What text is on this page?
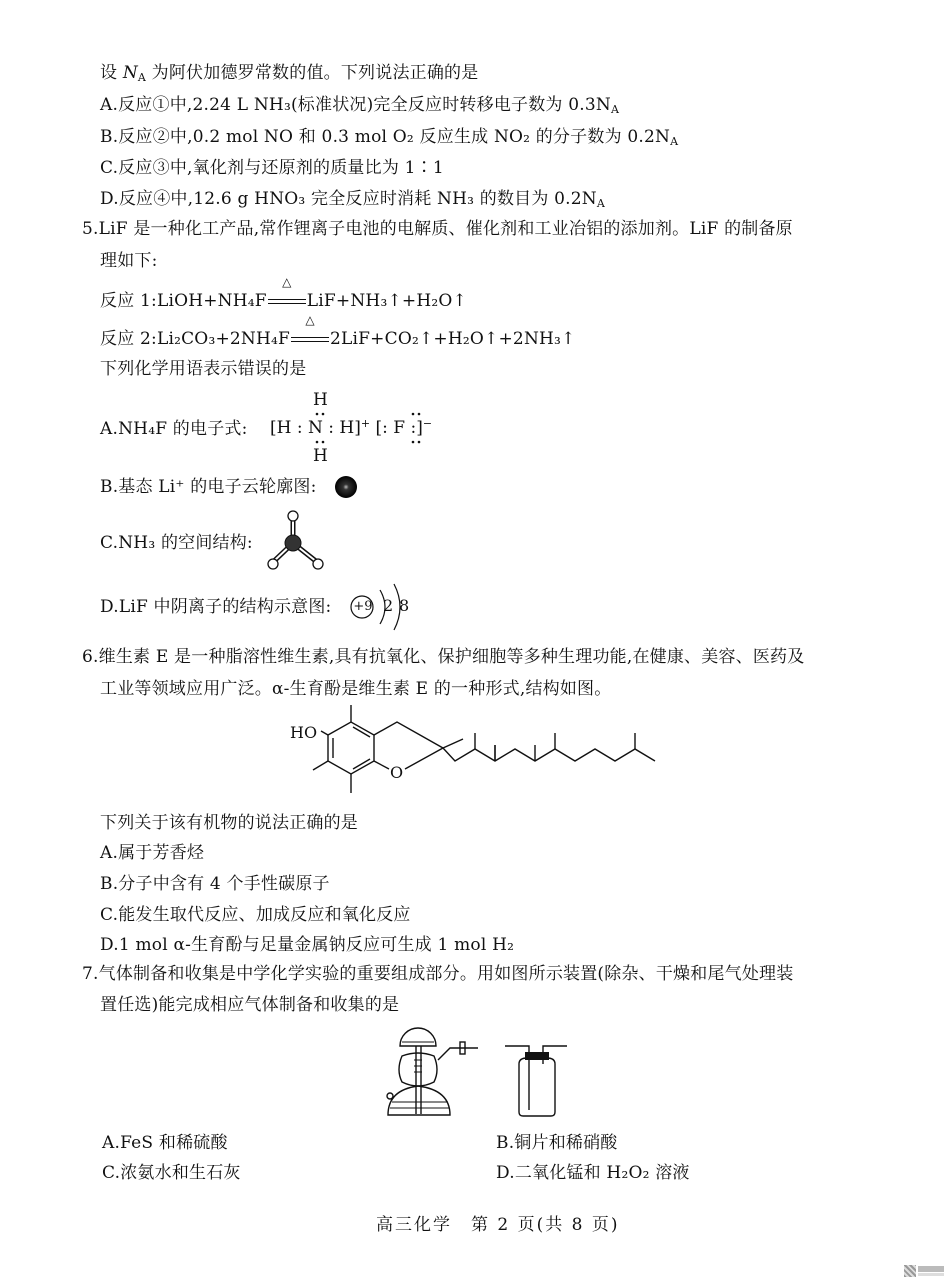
设 $N_A$ 为阿伏加德罗常数的值。下列说法正确的是
A.反应①中,2.24 L NH₃(标准状况)完全反应时转移电子数为 $0.3N_A$
B.反应②中,0.2 mol NO 和 0.3 mol O₂ 反应生成 NO₂ 的分子数为 $0.2N_A$
C.反应③中,氧化剂与还原剂的质量比为 1∶1
D.反应④中,12.6 g HNO₃ 完全反应时消耗 NH₃ 的数目为 $0.2N_A$
5.LiF 是一种化工产品,常作锂离子电池的电解质、催化剂和工业冶铝的添加剂。LiF 的制备原
理如下:
反应 1:LiOH+NH₄F
△
LiF+NH₃↑+H₂O↑
反应 2:Li₂CO₃+2NH₄F
△
2LiF+CO₂↑+H₂O↑+2NH₃↑
下列化学用语表示错误的是
A.NH₄F 的电子式:
H
H
[H : N : H]+ [: F :]−
B.基态 Li⁺ 的电子云轮廓图:
C.NH₃ 的空间结构:
D.LiF 中阴离子的结构示意图: +9 2 8
6.维生素 E 是一种脂溶性维生素,具有抗氧化、保护细胞等多种生理功能,在健康、美容、医药及
工业等领域应用广泛。α-生育酚是维生素 E 的一种形式,结构如图。
HO
O
下列关于该有机物的说法正确的是
A.属于芳香烃
B.分子中含有 4 个手性碳原子
C.能发生取代反应、加成反应和氧化反应
D.1 mol α-生育酚与足量金属钠反应可生成 1 mol H₂
7.气体制备和收集是中学化学实验的重要组成部分。用如图所示装置(除杂、干燥和尾气处理装
置任选)能完成相应气体制备和收集的是
A.FeS 和稀硫酸	B.铜片和稀硝酸
C.浓氨水和生石灰	D.二氧化锰和 H₂O₂ 溶液
高三化学　第 2 页(共 8 页)
